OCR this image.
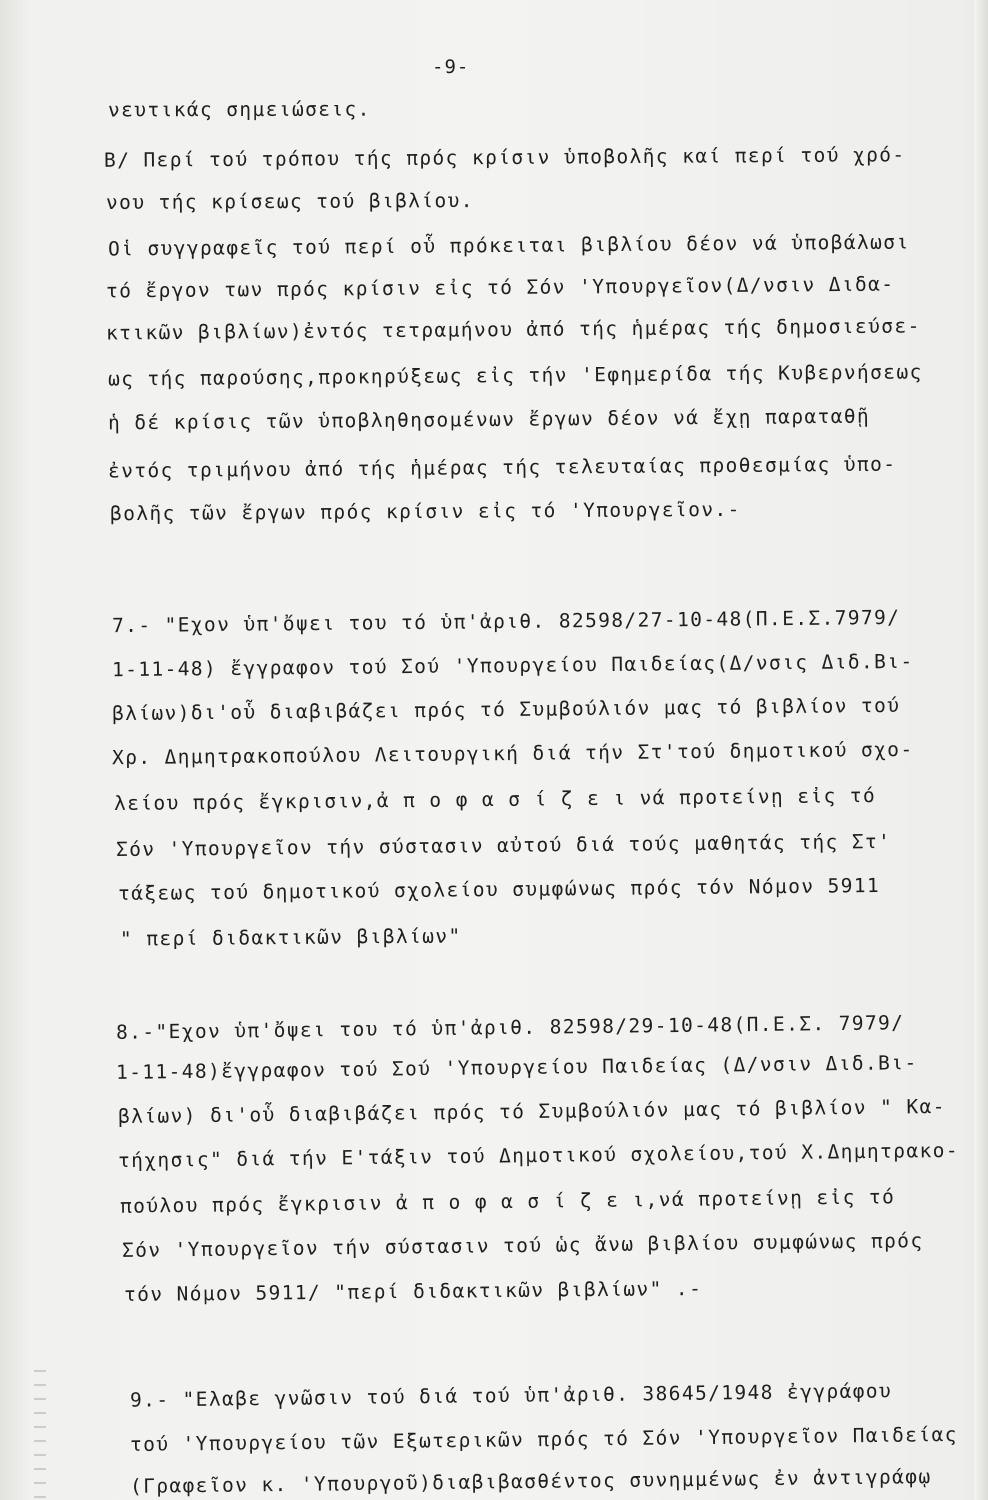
-9-
νευτικάς σημειώσεις.
Β/ Περί τού τρόπου τής πρός κρίσιν ὑποβολῆς καί περί τού χρό-
νου τής κρίσεως τού βιβλίου.
Οἱ συγγραφεῖς τού περί οὗ πρόκειται βιβλίου δέον νά ὑποβάλωσι
τό ἔργον των πρός κρίσιν εἰς τό Σόν 'Υπουργεῖον(Δ/νσιν Διδα-
κτικῶν βιβλίων)ἐντός τετραμήνου ἀπό τής ἡμέρας τής δημοσιεύσε-
ως τής παρούσης,προκηρύξεως εἰς τήν 'Εφημερίδα τής Κυβερνήσεως
ἡ δέ κρίσις τῶν ὑποβληθησομένων ἔργων δέον νά ἔχῃ παραταθῇ
ἐντός τριμήνου ἀπό τής ἡμέρας τής τελευταίας προθεσμίας ὑπο-
βολῆς τῶν ἔργων πρός κρίσιν εἰς τό 'Υπουργεῖον.-
7.- "Εχον ὑπ'ὄψει του τό ὑπ'ἀριθ. 82598/27-10-48(Π.Ε.Σ.7979/
1-11-48) ἔγγραφον τού Σού 'Υπουργείου Παιδείας(Δ/νσις Διδ.Βι-
βλίων)δι'οὗ διαβιβάζει πρός τό Συμβούλιόν μας τό βιβλίον τού
Χρ. Δημητρακοπούλου Λειτουργική διά τήν Στ'τού δημοτικού σχο-
λείου πρός ἔγκρισιν,ἀ π ο φ α σ ί ζ ε ι νά προτείνῃ εἰς τό
Σόν 'Υπουργεῖον τήν σύστασιν αὐτού διά τούς μαθητάς τής Στ'
τάξεως τού δημοτικού σχολείου συμφώνως πρός τόν Νόμον 5911
" περί διδακτικῶν βιβλίων"
8.-"Εχον ὑπ'ὄψει του τό ὑπ'ἀριθ. 82598/29-10-48(Π.Ε.Σ. 7979/
1-11-48)ἔγγραφον τού Σού 'Υπουργείου Παιδείας (Δ/νσιν Διδ.Βι-
βλίων) δι'οὗ διαβιβάζει πρός τό Συμβούλιόν μας τό βιβλίον " Κα-
τήχησις" διά τήν Ε'τάξιν τού Δημοτικού σχολείου,τού Χ.Δημητρακο-
πούλου πρός ἔγκρισιν ἀ π ο φ α σ ί ζ ε ι,νά προτείνῃ εἰς τό
Σόν 'Υπουργεῖον τήν σύστασιν τού ὡς ἄνω βιβλίου συμφώνως πρός
τόν Νόμον 5911/ "περί διδακτικῶν βιβλίων" .-
9.- "Ελαβε γνῶσιν τού διά τού ὑπ'ἀριθ. 38645/1948 ἐγγράφου
τού 'Υπουργείου τῶν Εξωτερικῶν πρός τό Σόν 'Υπουργεῖον Παιδείας
(Γραφεῖον κ. 'Υπουργοῦ)διαβιβασθέντος συνημμένως ἐν ἀντιγράφῳ
